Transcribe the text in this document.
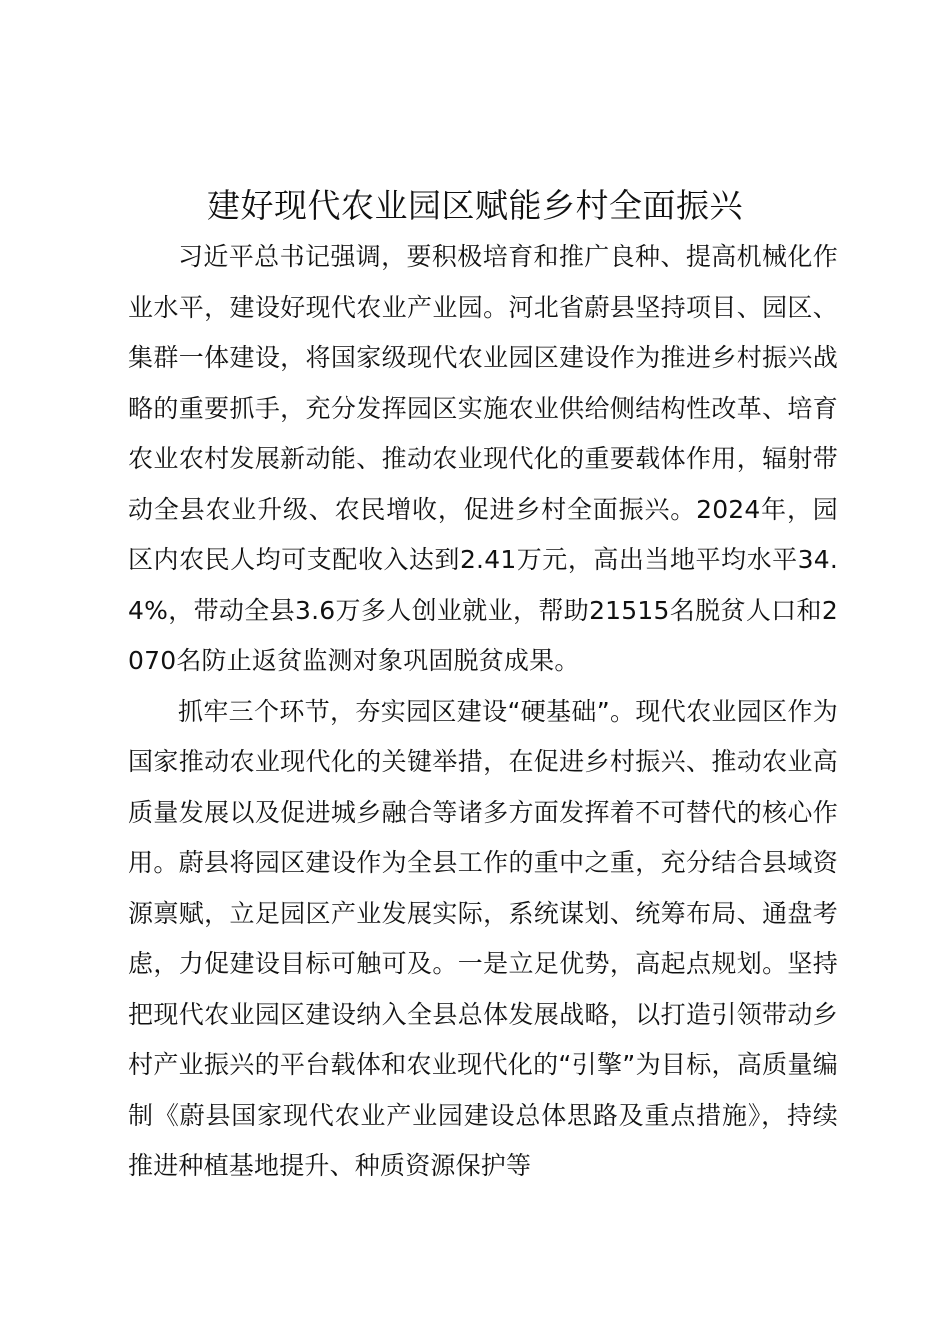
建好现代农业园区赋能乡村全面振兴

习近平总书记强调，要积极培育和推广良种、提高机械化作业水平，建设好现代农业产业园。河北省蔚县坚持项目、园区、集群一体建设，将国家级现代农业园区建设作为推进乡村振兴战略的重要抓手，充分发挥园区实施农业供给侧结构性改革、培育农业农村发展新动能、推动农业现代化的重要载体作用，辐射带动全县农业升级、农民增收，促进乡村全面振兴。2024年，园区内农民人均可支配收入达到2.41万元，高出当地平均水平34.4%，带动全县3.6万多人创业就业，帮助21515名脱贫人口和2070名防止返贫监测对象巩固脱贫成果。

抓牢三个环节，夯实园区建设“硬基础”。现代农业园区作为国家推动农业现代化的关键举措，在促进乡村振兴、推动农业高质量发展以及促进城乡融合等诸多方面发挥着不可替代的核心作用。蔚县将园区建设作为全县工作的重中之重，充分结合县域资源禀赋，立足园区产业发展实际，系统谋划、统筹布局、通盘考虑，力促建设目标可触可及。一是立足优势，高起点规划。坚持把现代农业园区建设纳入全县总体发展战略，以打造引领带动乡村产业振兴的平台载体和农业现代化的“引擎”为目标，高质量编制《蔚县国家现代农业产业园建设总体思路及重点措施》，持续推进种植基地提升、种质资源保护等
